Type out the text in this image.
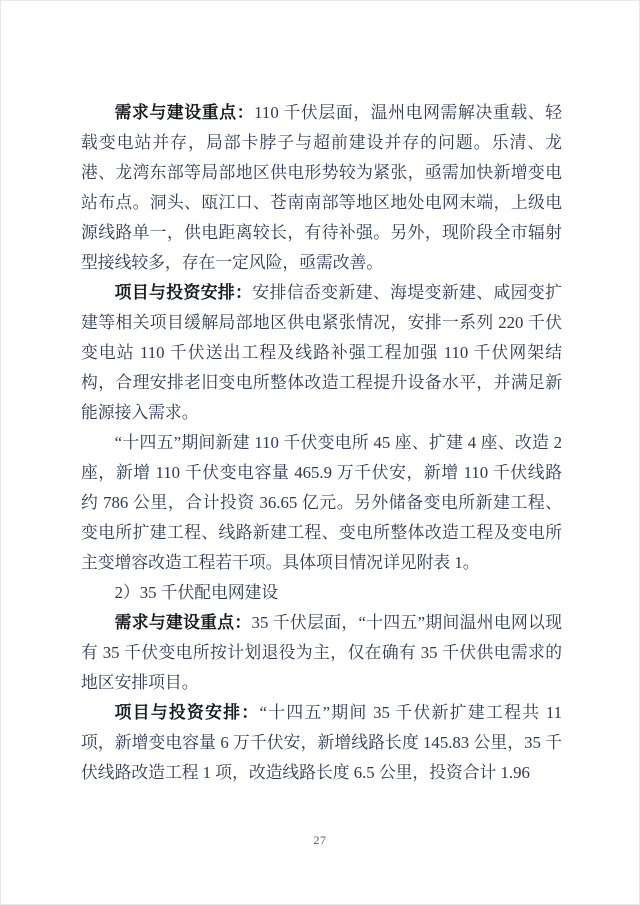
需求与建设重点：110 千伏层面，温州电网需解决重载、轻载变电站并存，局部卡脖子与超前建设并存的问题。乐清、龙港、龙湾东部等局部地区供电形势较为紧张，亟需加快新增变电站布点。洞头、瓯江口、苍南南部等地区地处电网末端，上级电源线路单一，供电距离较长，有待补强。另外，现阶段全市辐射型接线较多，存在一定风险，亟需改善。

项目与投资安排：安排信岙变新建、海堤变新建、咸园变扩建等相关项目缓解局部地区供电紧张情况，安排一系列 220 千伏变电站 110 千伏送出工程及线路补强工程加强 110 千伏网架结构，合理安排老旧变电所整体改造工程提升设备水平，并满足新能源接入需求。

“十四五”期间新建 110 千伏变电所 45 座、扩建 4 座、改造 2 座，新增 110 千伏变电容量 465.9 万千伏安，新增 110 千伏线路约 786 公里，合计投资 36.65 亿元。另外储备变电所新建工程、变电所扩建工程、线路新建工程、变电所整体改造工程及变电所主变增容改造工程若干项。具体项目情况详见附表 1。

2）35 千伏配电网建设

需求与建设重点：35 千伏层面，“十四五”期间温州电网以现有 35 千伏变电所按计划退役为主，仅在确有 35 千伏供电需求的地区安排项目。

项目与投资安排：“十四五”期间 35 千伏新扩建工程共 11 项，新增变电容量 6 万千伏安，新增线路长度 145.83 公里，35 千伏线路改造工程 1 项，改造线路长度 6.5 公里，投资合计 1.96

27
